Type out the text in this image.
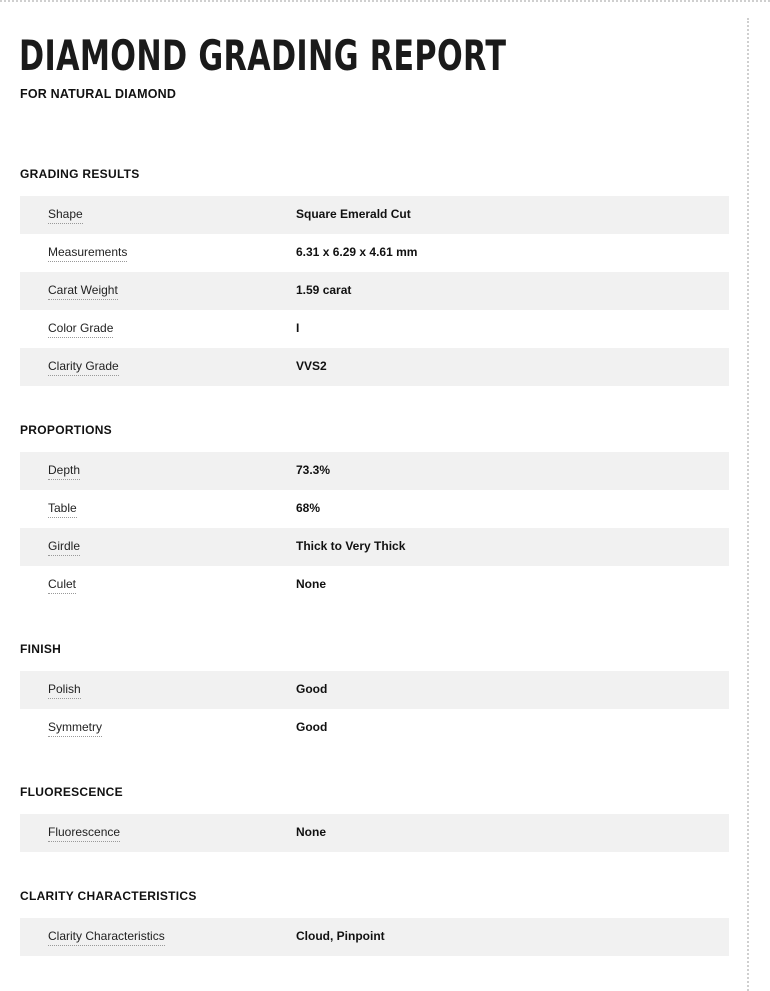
DIAMOND GRADING REPORT
FOR NATURAL DIAMOND
GRADING RESULTS
Shape	Square Emerald Cut
Measurements	6.31 x 6.29 x 4.61 mm
Carat Weight	1.59 carat
Color Grade	I
Clarity Grade	VVS2
PROPORTIONS
Depth	73.3%
Table	68%
Girdle	Thick to Very Thick
Culet	None
FINISH
Polish	Good
Symmetry	Good
FLUORESCENCE
Fluorescence	None
CLARITY CHARACTERISTICS
Clarity Characteristics	Cloud, Pinpoint
